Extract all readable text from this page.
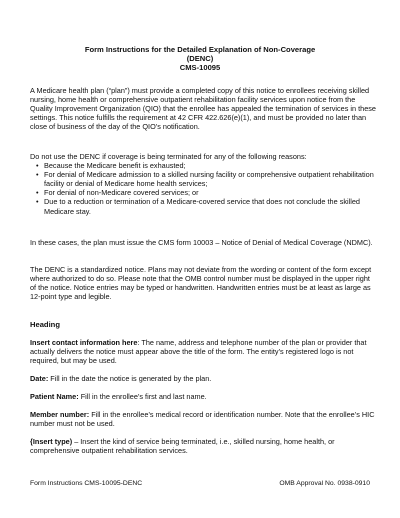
Form Instructions for the Detailed Explanation of Non-Coverage
(DENC)
CMS-10095

A Medicare health plan (“plan”) must provide a completed copy of this notice to enrollees receiving skilled nursing, home health or comprehensive outpatient rehabilitation facility services upon notice from the Quality Improvement Organization (QIO) that the enrollee has appealed the termination of services in these settings. This notice fulfills the requirement at 42 CFR 422.626(e)(1), and must be provided no later than close of business of the day of the QIO’s notification.

Do not use the DENC if coverage is being terminated for any of the following reasons:

• Because the Medicare benefit is exhausted;
• For denial of Medicare admission to a skilled nursing facility or comprehensive outpatient rehabilitation facility or denial of Medicare home health services;
• For denial of non-Medicare covered services; or
• Due to a reduction or termination of a Medicare-covered service that does not conclude the skilled Medicare stay.

In these cases, the plan must issue the CMS form 10003 – Notice of Denial of Medical Coverage (NDMC).

The DENC is a standardized notice. Plans may not deviate from the wording or content of the form except where authorized to do so. Please note that the OMB control number must be displayed in the upper right of the notice. Notice entries may be typed or handwritten. Handwritten entries must be at least as large as 12-point type and legible.

Heading

Insert contact information here: The name, address and telephone number of the plan or provider that actually delivers the notice must appear above the title of the form. The entity’s registered logo is not required, but may be used.

Date: Fill in the date the notice is generated by the plan.

Patient Name: Fill in the enrollee’s first and last name.

Member number: Fill in the enrollee’s medical record or identification number. Note that the enrollee’s HIC number must not be used.

{Insert type) – Insert the kind of service being terminated, i.e., skilled nursing, home health, or comprehensive outpatient rehabilitation services.

Form Instructions CMS-10095-DENC	OMB Approval No. 0938-0910
